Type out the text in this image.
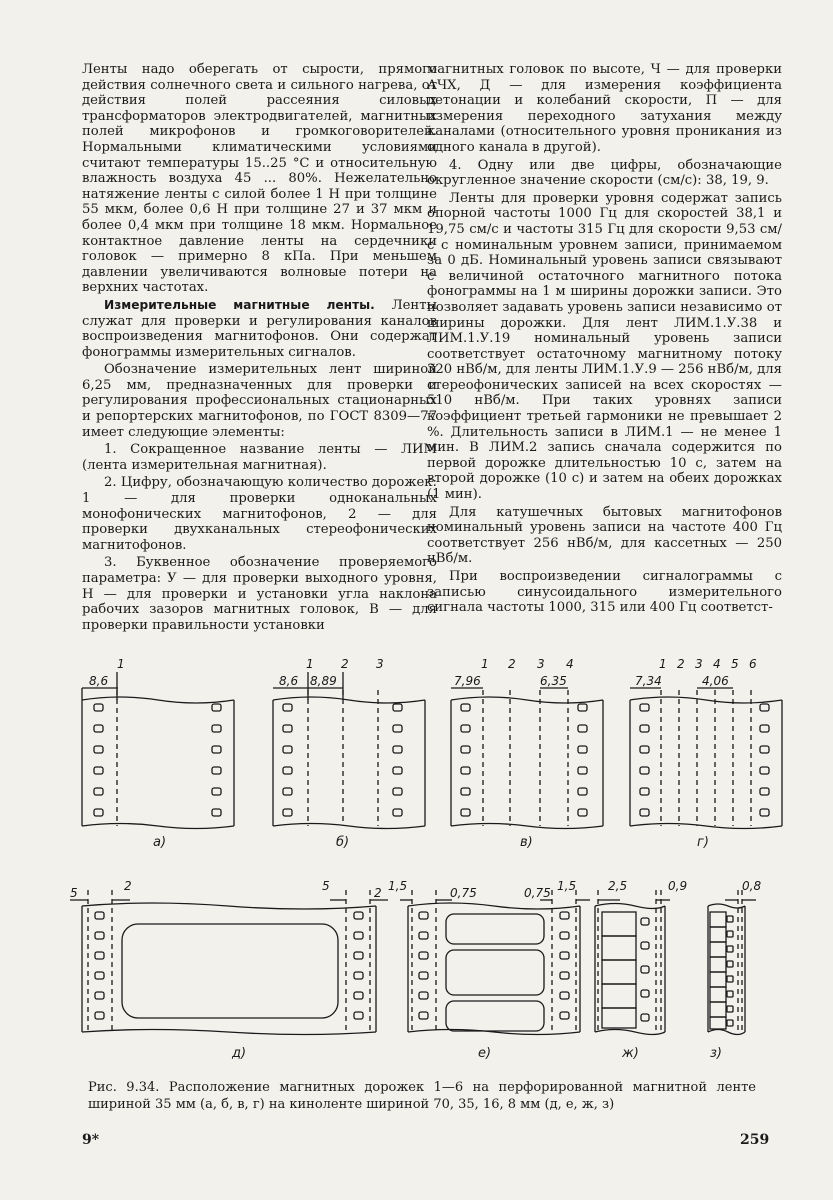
Ленты надо оберегать от сырости, прямого действия солнечного света и сильного нагрева, от действия полей рассеяния силовых трансформаторов электродвигателей, магнитных полей микрофонов и громкоговорителей. Нормальными климатическими условиями считают температуры 15..25 °С и относительную влажность воздуха 45 ... 80%. Нежелательно натяжение ленты с силой более 1 Н при толщине 55 мкм, более 0,6 Н при толщине 27 и 37 мкм и более 0,4 мкм при толщине 18 мкм. Нормальное контактное давление ленты на сердечники головок — примерно 8 кПа. При меньшем давлении увеличиваются волновые потери на верхних частотах.

Измерительные магнитные ленты. Ленты служат для проверки и регулирования каналов воспроизведения магнитофонов. Они содержат фонограммы измерительных сигналов.

Обозначение измерительных лент шириной 6,25 мм, предназначенных для проверки и регулирования профессиональных стационарных и репортерских магнитофонов, по ГОСТ 8309—77 имеет следующие элементы:

1. Сокращенное название ленты — ЛИМ (лента измерительная магнитная).

2. Цифру, обозначающую количество дорожек: 1 — для проверки одноканальных монофонических магнитофонов, 2 — для проверки двухканальных стереофонических магнитофонов.

3. Буквенное обозначение проверяемого параметра: У — для проверки выходного уровня, Н — для проверки и установки угла наклона рабочих зазоров магнитных головок, В — для проверки правильности установки

магнитных головок по высоте, Ч — для проверки АЧХ, Д — для измерения коэффициента детонации и колебаний скорости, П — для измерения переходного затухания между каналами (относительного уровня проникания из одного канала в другой).

4. Одну или две цифры, обозначающие округленное значение скорости (см/с): 38, 19, 9.

Ленты для проверки уровня содержат запись опорной частоты 1000 Гц для скоростей 38,1 и 19,75 см/с и частоты 315 Гц для скорости 9,53 см/с с номинальным уровнем записи, принимаемом за 0 дБ. Номинальный уровень записи связывают с величиной остаточного магнитного потока фонограммы на 1 м ширины дорожки записи. Это позволяет задавать уровень записи независимо от ширины дорожки. Для лент ЛИМ.1.У.38 и ЛИМ.1.У.19 номинальный уровень записи соответствует остаточному магнитному потоку 320 нВб/м, для ленты ЛИМ.1.У.9 — 256 нВб/м, для стереофонических записей на всех скоростях — 510 нВб/м. При таких уровнях записи коэффициент третьей гармоники не превышает 2 %. Длительность записи в ЛИМ.1 — не менее 1 мин. В ЛИМ.2 запись сначала содержится по первой дорожке длительностью 10 с, затем на второй дорожке (10 с) и затем на обеих дорожках (1 мин).

Для катушечных бытовых магнитофонов номинальный уровень записи на частоте 400 Гц соответствует 256 нВб/м, для кассетных — 250 нВб/м.

При воспроизведении сигналограммы с записью синусоидального измерительного сигнала частоты 1000, 315 или 400 Гц соответст-

8,6
1
а)
8,6 8,89
1 2 3
б)
7,96	6,35
1 2 3 4
в)
7,34	4,06
1 2 3 4 5 6
г)
5	2	5	2
д)
1,5	0,75	0,75 1,5
е)
2,5	0,9
ж)
0,8
з)
Рис. 9.34. Расположение магнитных дорожек 1—6 на перфорированной магнитной ленте шириной 35 мм (а, б, в, г) на киноленте шириной 70, 35, 16, 8 мм (д, е, ж, з)
9*	259
